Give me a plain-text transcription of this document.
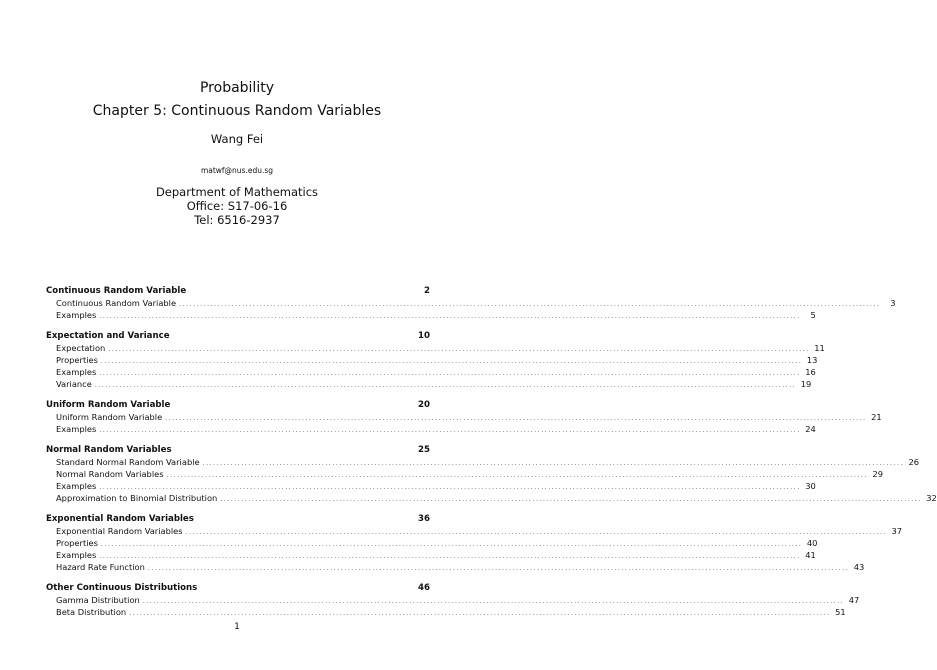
Probability
Chapter 5: Continuous Random Variables
Wang Fei
matwf@nus.edu.sg
Department of Mathematics
Office: S17-06-16
Tel: 6516-2937
Continuous Random Variable	2
Continuous Random Variable ........................................................................................................................................................................................................	3
Examples ........................................................................................................................................................................................................	5
Expectation and Variance	10
Expectation ........................................................................................................................................................................................................ 11
Properties ........................................................................................................................................................................................................ 13
Examples ........................................................................................................................................................................................................ 16
Variance ........................................................................................................................................................................................................ 19
Uniform Random Variable	20
Uniform Random Variable ........................................................................................................................................................................................................ 21
Examples ........................................................................................................................................................................................................ 24
Normal Random Variables	25
Standard Normal Random Variable ........................................................................................................................................................................................................ 26
Normal Random Variables ........................................................................................................................................................................................................ 29
Examples ........................................................................................................................................................................................................ 30
Approximation to Binomial Distribution ........................................................................................................................................................................................................ 32
Exponential Random Variables	36
Exponential Random Variables ........................................................................................................................................................................................................ 37
Properties ........................................................................................................................................................................................................ 40
Examples ........................................................................................................................................................................................................ 41
Hazard Rate Function ........................................................................................................................................................................................................ 43
Other Continuous Distributions	46
Gamma Distribution ........................................................................................................................................................................................................ 47
Beta Distribution ........................................................................................................................................................................................................ 51
1
